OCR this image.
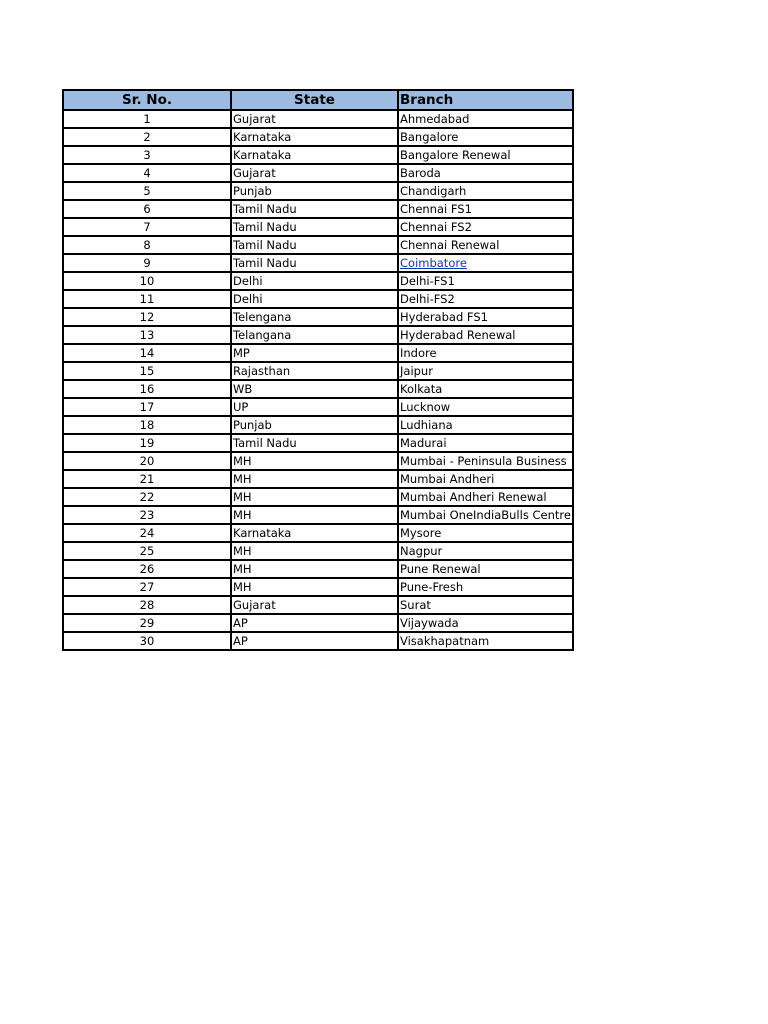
Sr. No.	State	Branch
1	Gujarat	Ahmedabad
2	Karnataka	Bangalore
3	Karnataka	Bangalore Renewal
4	Gujarat	Baroda
5	Punjab	Chandigarh
6	Tamil Nadu	Chennai FS1
7	Tamil Nadu	Chennai FS2
8	Tamil Nadu	Chennai Renewal
9	Tamil Nadu	Coimbatore
10	Delhi	Delhi-FS1
11	Delhi	Delhi-FS2
12	Telengana	Hyderabad FS1
13	Telangana	Hyderabad Renewal
14	MP	Indore
15	Rajasthan	Jaipur
16	WB	Kolkata
17	UP	Lucknow
18	Punjab	Ludhiana
19	Tamil Nadu	Madurai
20	MH	Mumbai - Peninsula Business
21	MH	Mumbai Andheri
22	MH	Mumbai Andheri Renewal
23	MH	Mumbai OneIndiaBulls Centre
24	Karnataka	Mysore
25	MH	Nagpur
26	MH	Pune Renewal
27	MH	Pune-Fresh
28	Gujarat	Surat
29	AP	Vijaywada
30	AP	Visakhapatnam
